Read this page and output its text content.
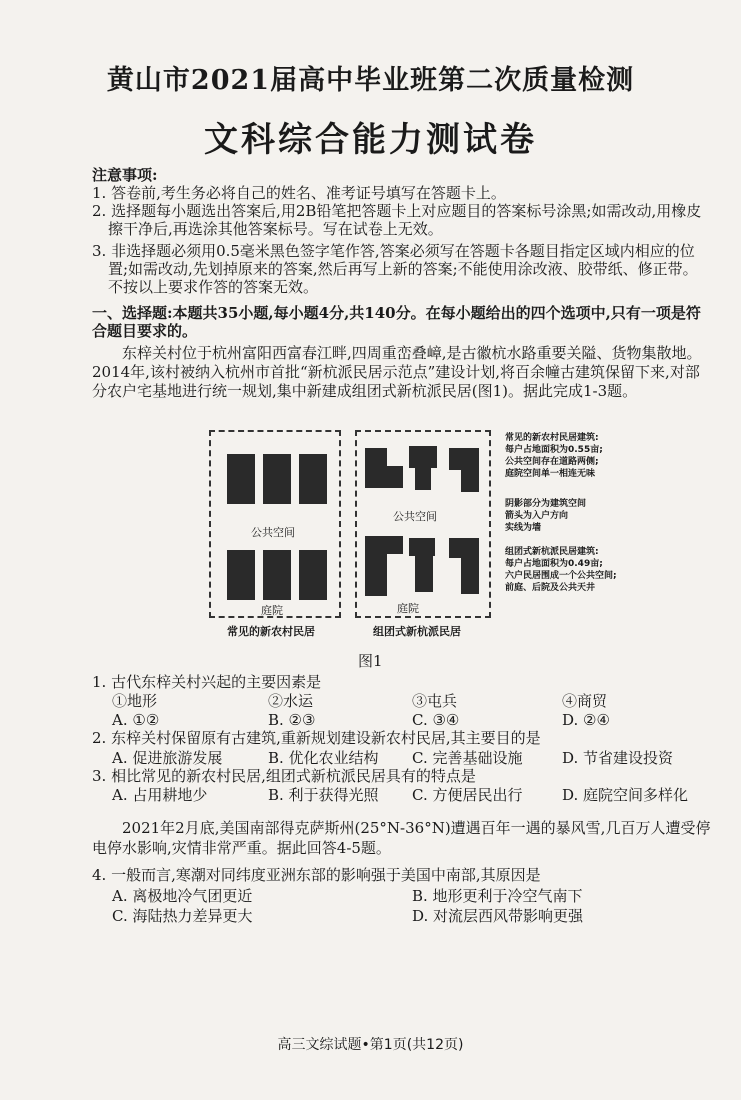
黄山市2021届高中毕业班第二次质量检测
文科综合能力测试卷
注意事项:
1. 答卷前,考生务必将自己的姓名、准考证号填写在答题卡上。
2. 选择题每小题选出答案后,用2B铅笔把答题卡上对应题目的答案标号涂黑;如需改动,用橡皮擦干净后,再选涂其他答案标号。写在试卷上无效。
3. 非选择题必须用0.5毫米黑色签字笔作答,答案必须写在答题卡各题目指定区域内相应的位置;如需改动,先划掉原来的答案,然后再写上新的答案;不能使用涂改液、胶带纸、修正带。不按以上要求作答的答案无效。
一、选择题:本题共35小题,每小题4分,共140分。在每小题给出的四个选项中,只有一项是符合题目要求的。
东梓关村位于杭州富阳西富春江畔,四周重峦叠嶂,是古徽杭水路重要关隘、货物集散地。2014年,该村被纳入杭州市首批“新杭派民居示范点”建设计划,将百余幢古建筑保留下来,对部分农户宅基地进行统一规划,集中新建成组团式新杭派民居(图1)。据此完成1-3题。
公共空间
庭院
公共空间
庭院
常见的新农村民居建筑:
每户占地面积为0.55亩;
公共空间存在道路两侧;
庭院空间单一相连无味
阴影部分为建筑空间
箭头为入户方向
实线为墙
组团式新杭派民居建筑:
每户占地面积为0.49亩;
六户民居围成一个公共空间;
前庭、后院及公共天井
常见的新农村民居	组团式新杭派民居
图1
1. 古代东梓关村兴起的主要因素是
①地形	②水运	③屯兵	④商贸
A. ①②	B. ②③	C. ③④	D. ②④
2. 东梓关村保留原有古建筑,重新规划建设新农村民居,其主要目的是
A. 促进旅游发展	B. 优化农业结构 C. 完善基础设施	D. 节省建设投资
3. 相比常见的新农村民居,组团式新杭派民居具有的特点是
A. 占用耕地少	B. 利于获得光照 C. 方便居民出行	D. 庭院空间多样化
2021年2月底,美国南部得克萨斯州(25°N-36°N)遭遇百年一遇的暴风雪,几百万人遭受停电停水影响,灾情非常严重。据此回答4-5题。
4. 一般而言,寒潮对同纬度亚洲东部的影响强于美国中南部,其原因是
A. 离极地冷气团更近	B. 地形更利于冷空气南下
C. 海陆热力差异更大	D. 对流层西风带影响更强
高三文综试题•第1页(共12页)
